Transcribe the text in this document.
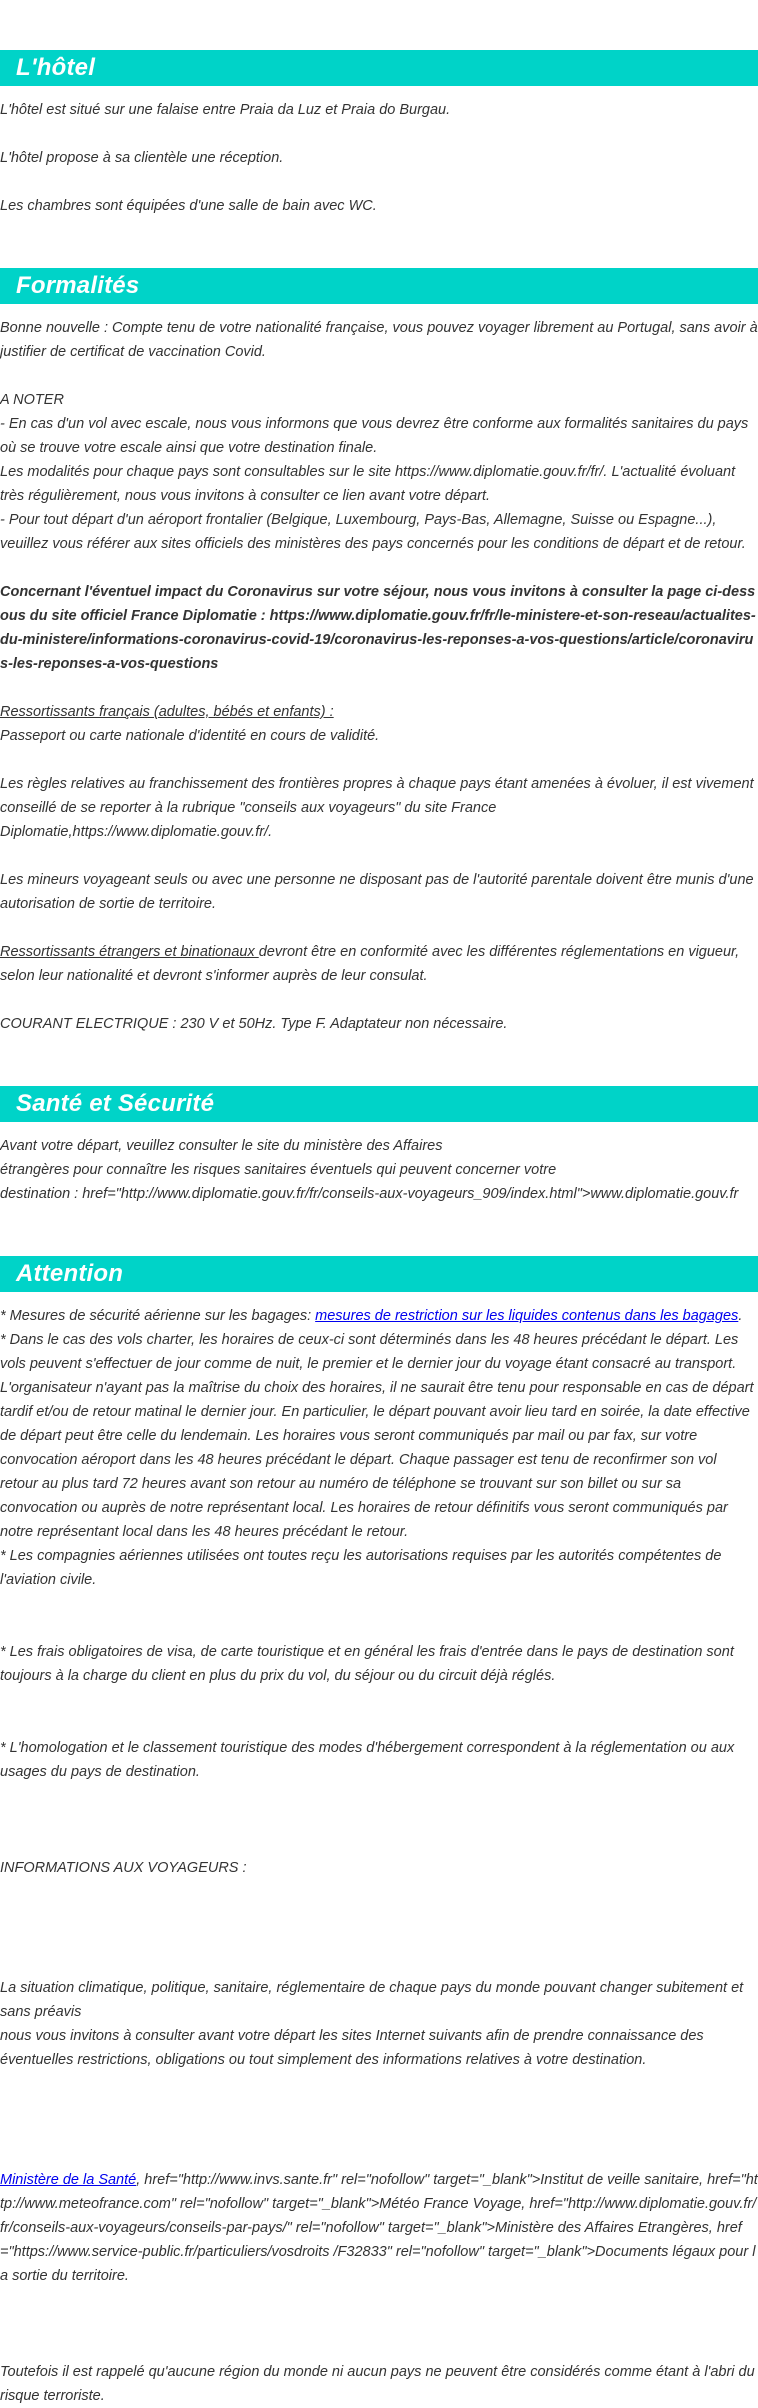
L'hôtel

L'hôtel est situé sur une falaise entre Praia da Luz et Praia do Burgau.

L'hôtel propose à sa clientèle une réception.

Les chambres sont équipées d'une salle de bain avec WC.

Formalités

Bonne nouvelle : Compte tenu de votre nationalité française, vous pouvez voyager librement au Portugal, sans avoir à justifier de certificat de vaccination Covid.

A NOTER

- En cas d'un vol avec escale, nous vous informons que vous devrez être conforme aux formalités sanitaires du pays où se trouve votre escale ainsi que votre destination finale.

Les modalités pour chaque pays sont consultables sur le site https://www.diplomatie.gouv.fr/fr/. L'actualité évoluant très régulièrement, nous vous invitons à consulter ce lien avant votre départ.

- Pour tout départ d'un aéroport frontalier (Belgique, Luxembourg, Pays-Bas, Allemagne, Suisse ou Espagne...), veuillez vous référer aux sites officiels des ministères des pays concernés pour les conditions de départ et de retour.

Concernant l'éventuel impact du Coronavirus sur votre séjour, nous vous invitons à consulter la page ci-dessous du site officiel France Diplomatie : https://www.diplomatie.gouv.fr/fr/le-ministere-et-son-reseau/actualites-du-ministere/informations-coronavirus-covid-19/coronavirus-les-reponses-a-vos-questions/article/coronavirus-les-reponses-a-vos-questions

Ressortissants français (adultes, bébés et enfants) :

Passeport ou carte nationale d'identité en cours de validité.

Les règles relatives au franchissement des frontières propres à chaque pays étant amenées à évoluer, il est vivement conseillé de se reporter à la rubrique "conseils aux voyageurs" du site France Diplomatie,https://www.diplomatie.gouv.fr/.

Les mineurs voyageant seuls ou avec une personne ne disposant pas de l'autorité parentale doivent être munis d'une autorisation de sortie de territoire.

Ressortissants étrangers et binationaux devront être en conformité avec les différentes réglementations en vigueur, selon leur nationalité et devront s'informer auprès de leur consulat.

COURANT ELECTRIQUE : 230 V et 50Hz. Type F. Adaptateur non nécessaire.

Santé et Sécurité

Avant votre départ, veuillez consulter le site du ministère des Affaires

étrangères pour connaître les risques sanitaires éventuels qui peuvent concerner votre

destination : href="http://www.diplomatie.gouv.fr/fr/conseils-aux-voyageurs_909/index.html">www.diplomatie.gouv.fr

Attention

* Mesures de sécurité aérienne sur les bagages: mesures de restriction sur les liquides contenus dans les bagages.

* Dans le cas des vols charter, les horaires de ceux-ci sont déterminés dans les 48 heures précédant le départ. Les vols peuvent s'effectuer de jour comme de nuit, le premier et le dernier jour du voyage étant consacré au transport. L'organisateur n'ayant pas la maîtrise du choix des horaires, il ne saurait être tenu pour responsable en cas de départ tardif et/ou de retour matinal le dernier jour. En particulier, le départ pouvant avoir lieu tard en soirée, la date effective de départ peut être celle du lendemain. Les horaires vous seront communiqués par mail ou par fax, sur votre convocation aéroport dans les 48 heures précédant le départ. Chaque passager est tenu de reconfirmer son vol retour au plus tard 72 heures avant son retour au numéro de téléphone se trouvant sur son billet ou sur sa convocation ou auprès de notre représentant local. Les horaires de retour définitifs vous seront communiqués par notre représentant local dans les 48 heures précédant le retour.

* Les compagnies aériennes utilisées ont toutes reçu les autorisations requises par les autorités compétentes de l'aviation civile.

* Les frais obligatoires de visa, de carte touristique et en général les frais d'entrée dans le pays de destination sont toujours à la charge du client en plus du prix du vol, du séjour ou du circuit déjà réglés.

* L'homologation et le classement touristique des modes d'hébergement correspondent à la réglementation ou aux usages du pays de destination.

INFORMATIONS AUX VOYAGEURS :

La situation climatique, politique, sanitaire, réglementaire de chaque pays du monde pouvant changer subitement et sans préavis

nous vous invitons à consulter avant votre départ les sites Internet suivants afin de prendre connaissance des éventuelles restrictions, obligations ou tout simplement des informations relatives à votre destination.

Ministère de la Santé, href="http://www.invs.sante.fr" rel="nofollow" target="_blank">Institut de veille sanitaire, href="http://www.meteofrance.com" rel="nofollow" target="_blank">Météo France Voyage, href="http://www.diplomatie.gouv.fr/fr/conseils-aux-voyageurs/conseils-par-pays/" rel="nofollow" target="_blank">Ministère des Affaires Etrangères, href="https://www.service-public.fr/particuliers/vosdroits /F32833" rel="nofollow" target="_blank">Documents légaux pour la sortie du territoire.

Toutefois il est rappelé qu'aucune région du monde ni aucun pays ne peuvent être considérés comme étant à l'abri du risque terroriste.
